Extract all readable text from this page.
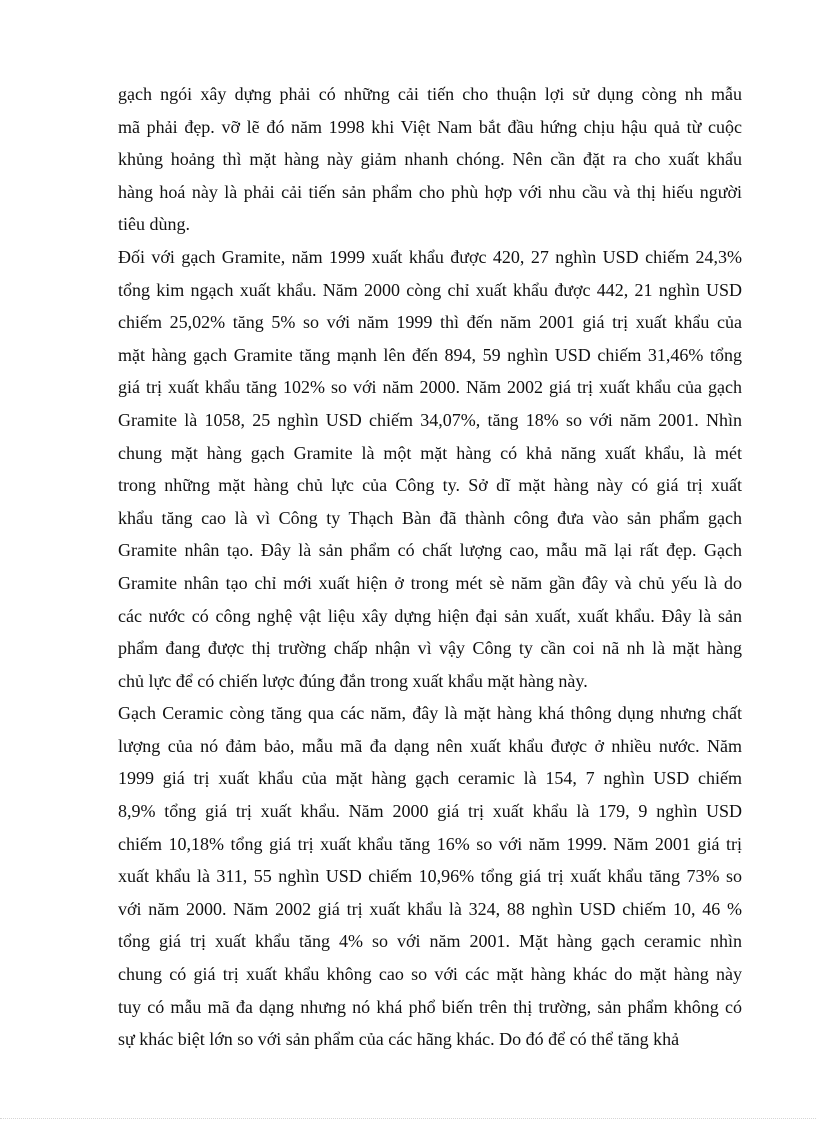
gạch ngói xây dựng phải có những cải tiến cho thuận lợi sử dụng còng nh mẫu
mã phải đẹp. vỡ lẽ đó năm 1998 khi Việt Nam bắt đầu hứng chịu hậu quả từ cuộc
khủng hoảng thì mặt hàng này giảm nhanh chóng. Nên cần đặt ra cho xuất khẩu
hàng hoá này là phải cải tiến sản phẩm cho phù hợp với nhu cầu và thị hiếu người
tiêu dùng.
Đối với gạch Gramite, năm 1999 xuất khẩu được 420, 27 nghìn USD chiếm 24,3%
tổng kim ngạch xuất khẩu. Năm 2000 còng chỉ xuất khẩu được 442, 21 nghìn USD
chiếm 25,02% tăng 5% so với năm 1999 thì đến năm 2001 giá trị xuất khẩu của
mặt hàng gạch Gramite tăng mạnh lên đến 894, 59 nghìn USD chiếm 31,46% tổng
giá trị xuất khẩu tăng 102% so với năm 2000. Năm 2002 giá trị xuất khẩu của gạch
Gramite là 1058, 25 nghìn USD chiếm 34,07%, tăng 18% so với năm 2001. Nhìn
chung mặt hàng gạch Gramite là một mặt hàng có khả năng xuất khẩu, là mét
trong những mặt hàng chủ lực của Công ty. Sở dĩ mặt hàng này có giá trị xuất
khẩu tăng cao là vì Công ty Thạch Bàn đã thành công đưa vào sản phẩm gạch
Gramite nhân tạo. Đây là sản phẩm có chất lượng cao, mẫu mã lại rất đẹp. Gạch
Gramite nhân tạo chỉ mới xuất hiện ở trong mét sè năm gần đây và chủ yếu là do
các nước có công nghệ vật liệu xây dựng hiện đại sản xuất, xuất khẩu. Đây là sản
phẩm đang được thị trường chấp nhận vì vậy Công ty cần coi nã nh là mặt hàng
chủ lực để có chiến lược đúng đắn trong xuất khẩu mặt hàng này.
Gạch Ceramic còng tăng qua các năm, đây là mặt hàng khá thông dụng nhưng chất
lượng của nó đảm bảo, mẫu mã đa dạng nên xuất khẩu được ở nhiều nước. Năm
1999 giá trị xuất khẩu của mặt hàng gạch ceramic là 154, 7 nghìn USD chiếm
8,9% tổng giá trị xuất khẩu. Năm 2000 giá trị xuất khẩu là 179, 9 nghìn USD
chiếm 10,18% tổng giá trị xuất khẩu tăng 16% so với năm 1999. Năm 2001 giá trị
xuất khẩu là 311, 55 nghìn USD chiếm 10,96% tổng giá trị xuất khẩu tăng 73% so
với năm 2000. Năm 2002 giá trị xuất khẩu là 324, 88 nghìn USD chiếm 10, 46 %
tổng giá trị xuất khẩu tăng 4% so với năm 2001. Mặt hàng gạch ceramic nhìn
chung có giá trị xuất khẩu không cao so với các mặt hàng khác do mặt hàng này
tuy có mẫu mã đa dạng nhưng nó khá phổ biến trên thị trường, sản phẩm không có
sự khác biệt lớn so với sản phẩm của các hãng khác. Do đó để có thể tăng khả
